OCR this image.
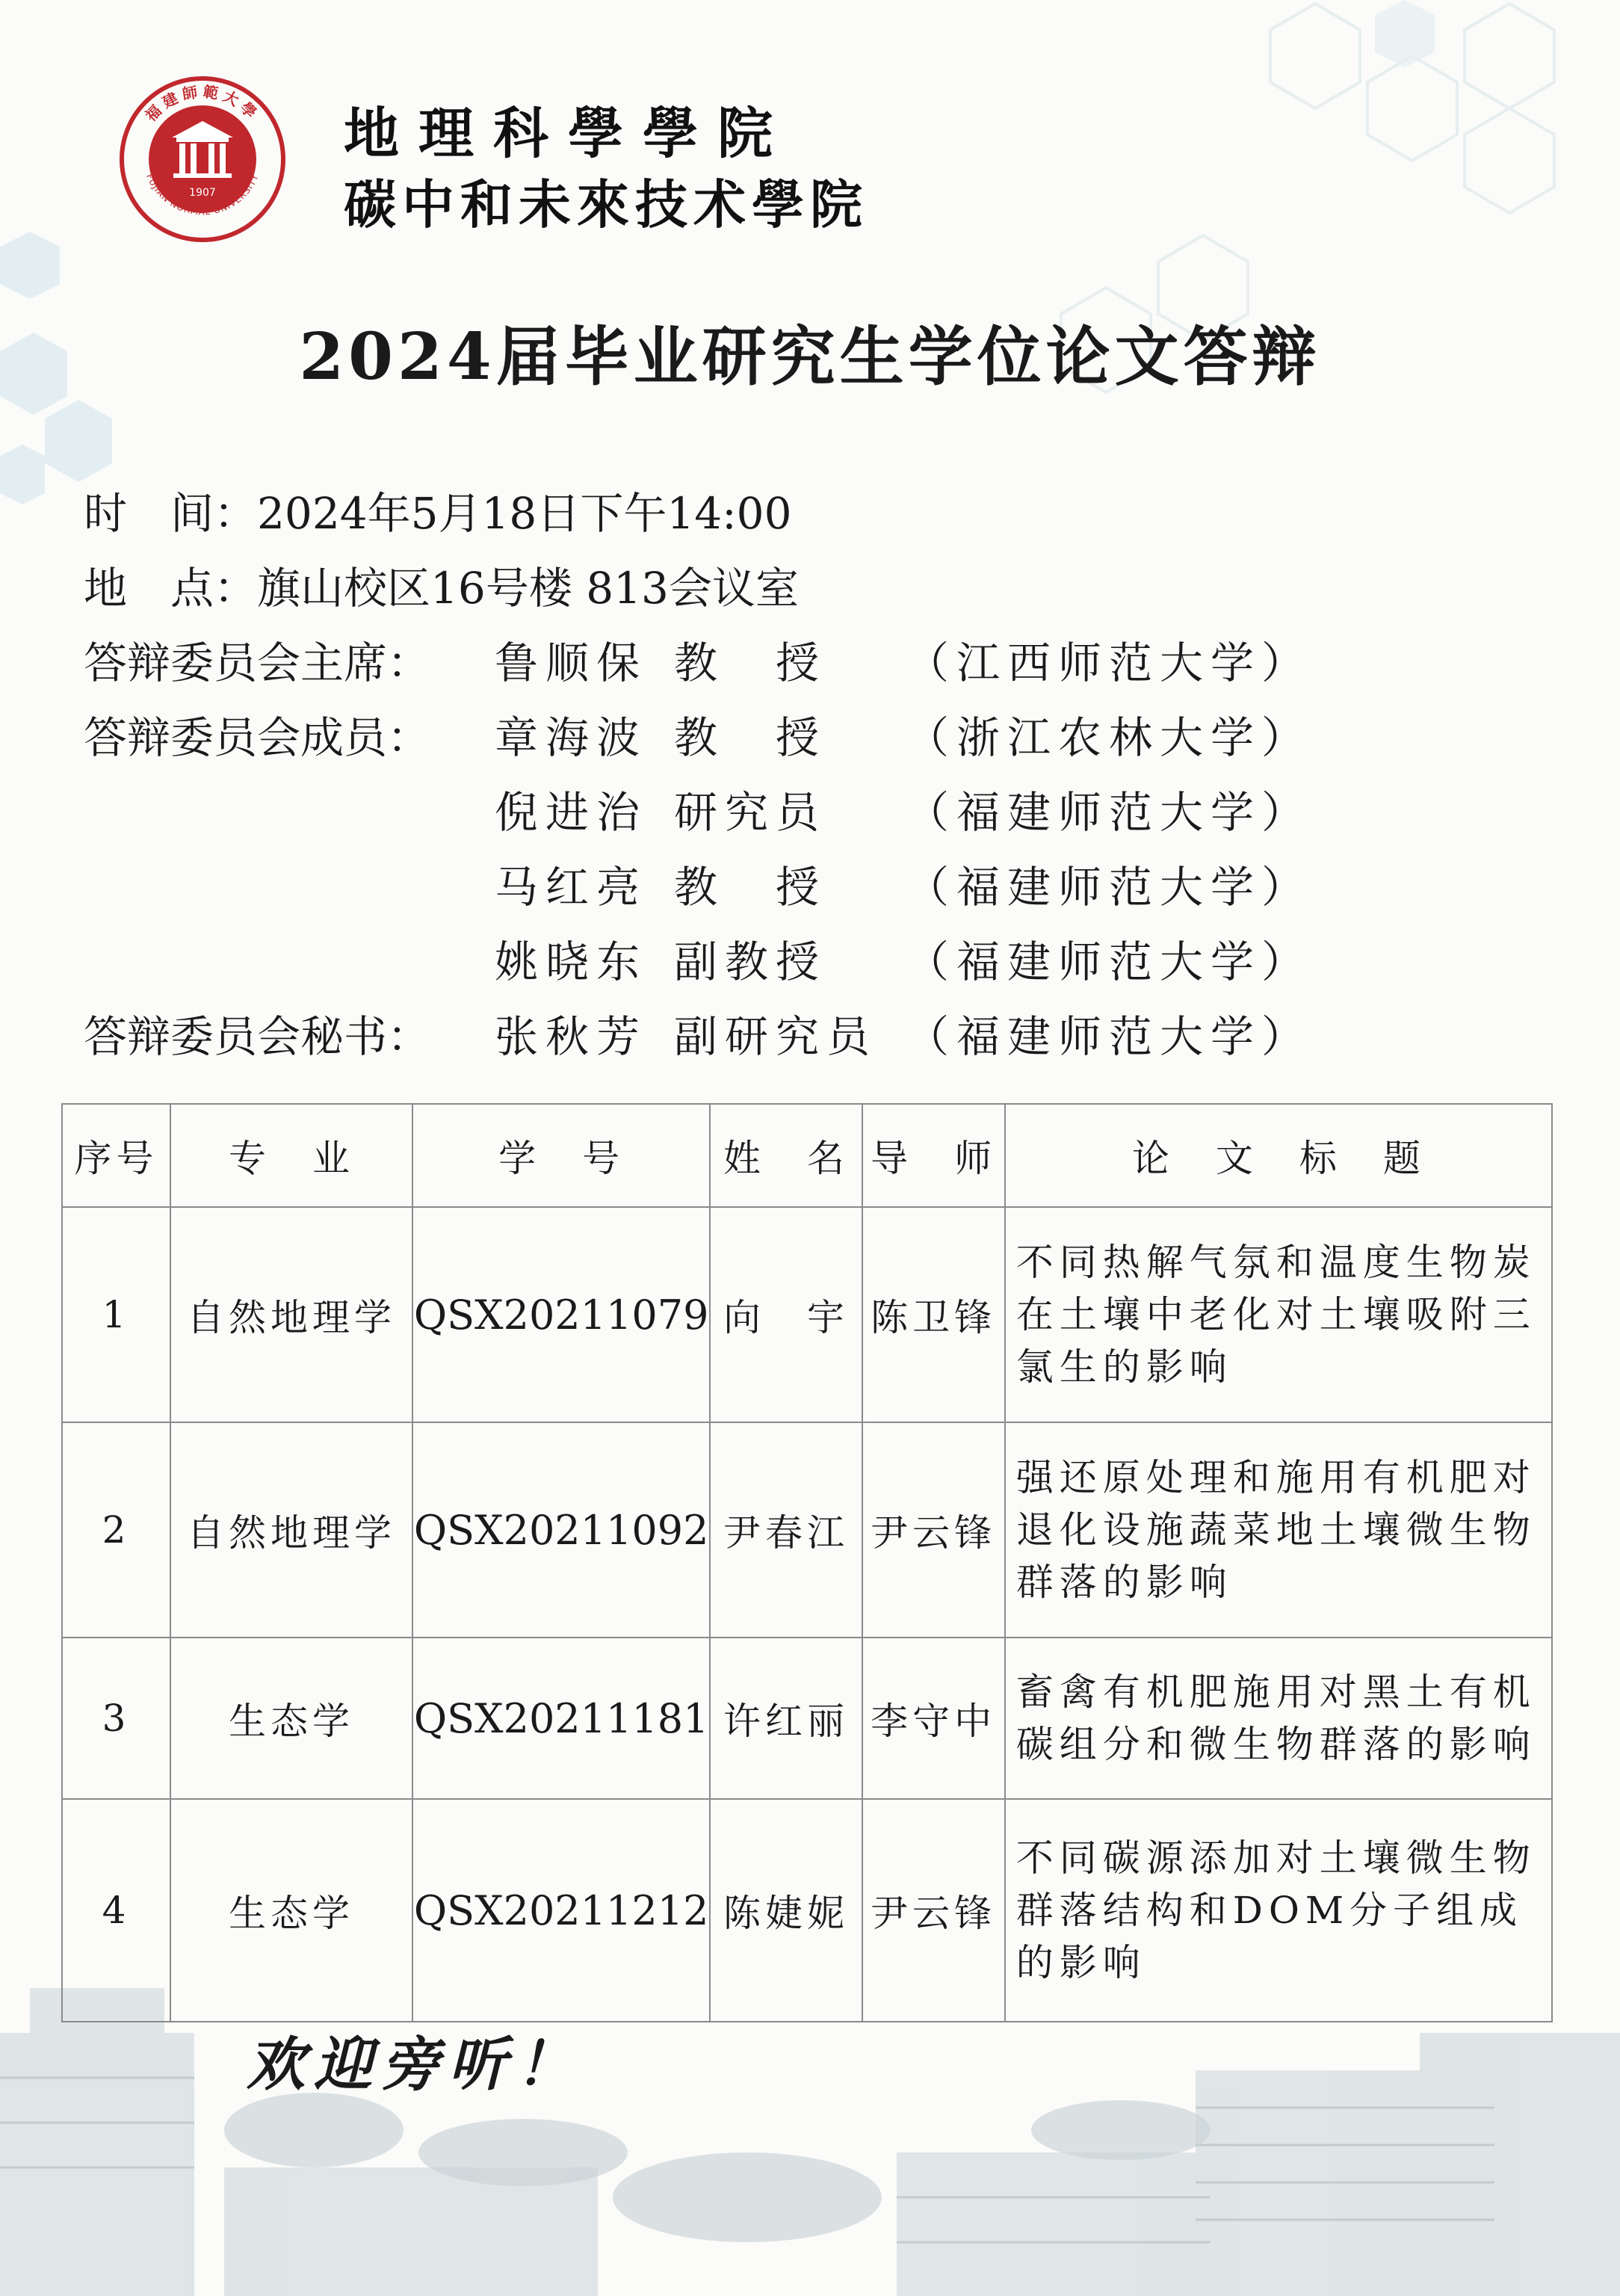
福建師範大學
FUJIAN NORMAL UNIVERSITY
1907
地理科學學院
碳中和未來技术學院
2024届毕业研究生学位论文答辩
时　间：2024年5月18日下午14:00
地　点：旗山校区16号楼 813会议室
答辩委员会主席： 鲁顺保 教　授 （江西师范大学）
答辩委员会成员： 章海波 教　授 （浙江农林大学）
倪进治 研究员 （福建师范大学）
马红亮 教　授 （福建师范大学）
姚晓东 副教授 （福建师范大学）
答辩委员会秘书： 张秋芳 副研究员 （福建师范大学）
序号	专　业	学　号	姓　名	导　师	论　文　标　题
1	自然地理学	QSX20211079	向　宇	陈卫锋	不同热解气氛和温度生物炭在土壤中老化对土壤吸附三氯生的影响
2	自然地理学	QSX20211092	尹春江	尹云锋	强还原处理和施用有机肥对退化设施蔬菜地土壤微生物群落的影响
3	生态学	QSX20211181	许红丽	李守中	畜禽有机肥施用对黑土有机碳组分和微生物群落的影响
4	生态学	QSX20211212	陈婕妮	尹云锋	不同碳源添加对土壤微生物群落结构和DOM分子组成的影响
欢迎旁听！
